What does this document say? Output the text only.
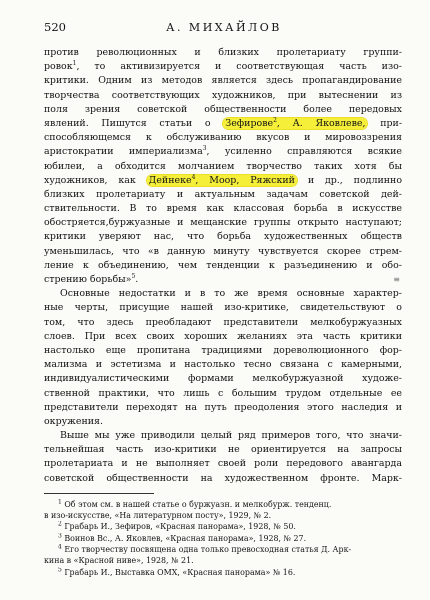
520	А. МИХАЙЛОВ
против революционных и близких пролетариату группи-
ровок$^1$, то активизируется и соответствующая часть изо-
критики. Одним из методов является здесь пропагандирование
творчества соответствующих художников, при вытеснении из
поля зрения советской общественности более передовых
явлений. Пишутся статьи о Зефирове$^2$, А. Яковлеве, при-
способляющемся к обслуживанию вкусов и мировоззрения
аристократии империализма$^3$, усиленно справляются всякие
юбилеи, а обходится молчанием творчество таких хотя бы
художников, как Дейнеке$^4$, Моор, Ряжский и др., подлинно
близких пролетариату и актуальным задачам советской дей-
ствительности. В то время как классовая борьба в искусстве
обостряется,буржуазные и мещанские группы открыто наступают;
критики уверяют нас, что борьба художественных обществ
уменьшилась, что «в данную минуту чувствуется скорее стрем-
ление к объединению, чем тенденции к разъединению и обо-
стрению борьбы»$^5$.	≡
Основные недостатки и в то же время основные характер-
ные черты, присущие нашей изо-критике, свидетельствуют о
том, что здесь преобладают представители мелкобуржуазных
слоев. При всех своих хороших желаниях эта часть критики
настолько еще пропитана традициями дореволюционного фор-
мализма и эстетизма и настолько тесно связана с камерными,
индивидуалистическими формами мелкобуржуазной художе-
ственной практики, что лишь с большим трудом отдельные ее
представители переходят на путь преодоления этого наследия и
окружения.
Выше мы уже приводили целый ряд примеров того, что значи-
тельнейшая часть изо-критики не ориентируется на запросы
пролетариата и не выполняет своей роли передового авангарда
советской общественности на художественном фронте. Марк-
$^1$ Об этом см. в нашей статье о буржуазн. и мелкобурж. тенденц.
в изо-искусстве, «На литературном посту», 1929, № 2.
$^2$ Грабарь И., Зефиров, «Красная панорама», 1928, № 50.
$^3$ Воинов Вс., А. Яковлев, «Красная панорама», 1928, № 27.
$^4$ Его творчеству посвящена одна только превосходная статья Д. Арк-
кина в «Красной ниве», 1928, № 21.
$^5$ Грабарь И., Выставка ОМХ, «Красная панорама» № 16.
